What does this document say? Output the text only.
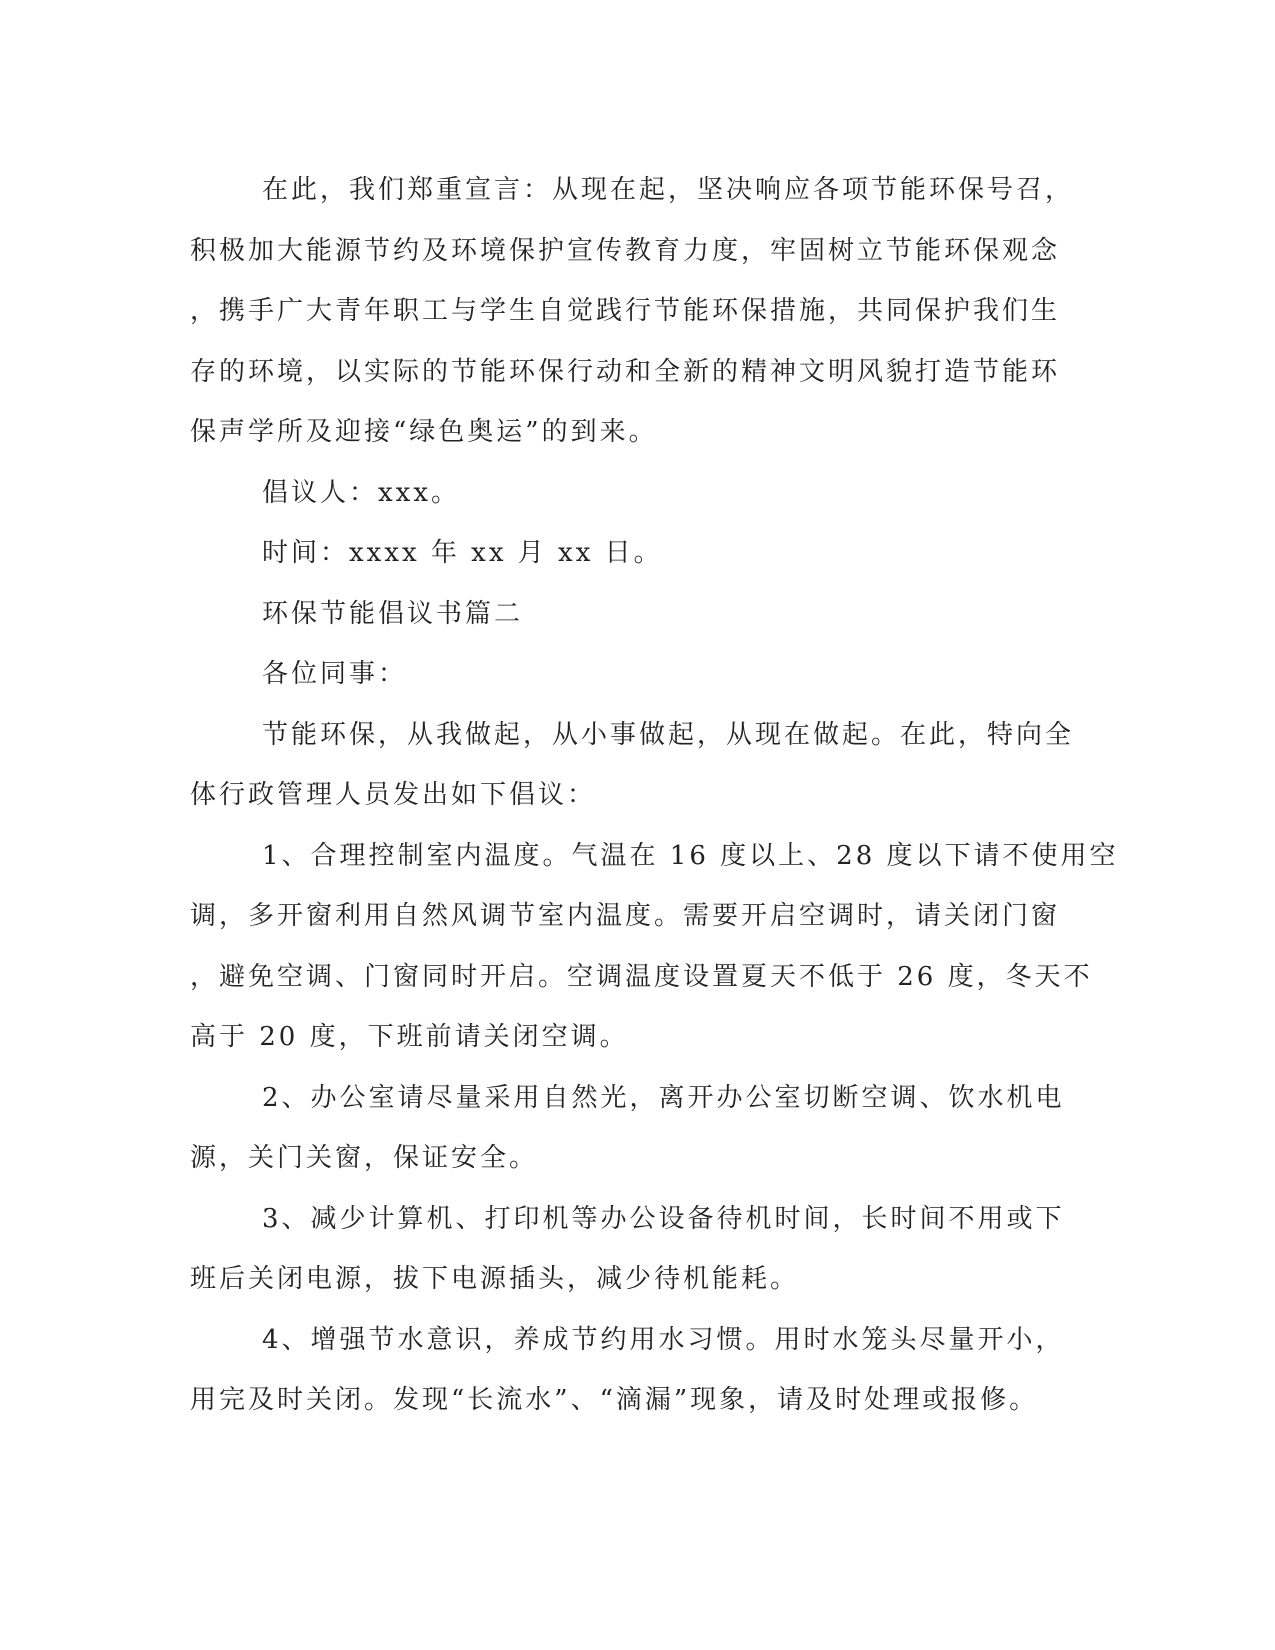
在此，我们郑重宣言：从现在起，坚决响应各项节能环保号召，
积极加大能源节约及环境保护宣传教育力度，牢固树立节能环保观念
，携手广大青年职工与学生自觉践行节能环保措施，共同保护我们生
存的环境，以实际的节能环保行动和全新的精神文明风貌打造节能环
保声学所及迎接“绿色奥运”的到来。
倡议人：xxx。
时间：xxxx 年 xx 月 xx 日。
环保节能倡议书篇二
各位同事：
节能环保，从我做起，从小事做起，从现在做起。在此，特向全
体行政管理人员发出如下倡议：
1、合理控制室内温度。气温在 16 度以上、28 度以下请不使用空
调，多开窗利用自然风调节室内温度。需要开启空调时，请关闭门窗
，避免空调、门窗同时开启。空调温度设置夏天不低于 26 度，冬天不
高于 20 度，下班前请关闭空调。
2、办公室请尽量采用自然光，离开办公室切断空调、饮水机电
源，关门关窗，保证安全。
3、减少计算机、打印机等办公设备待机时间，长时间不用或下
班后关闭电源，拔下电源插头，减少待机能耗。
4、增强节水意识，养成节约用水习惯。用时水笼头尽量开小，
用完及时关闭。发现“长流水”、“滴漏”现象，请及时处理或报修。
